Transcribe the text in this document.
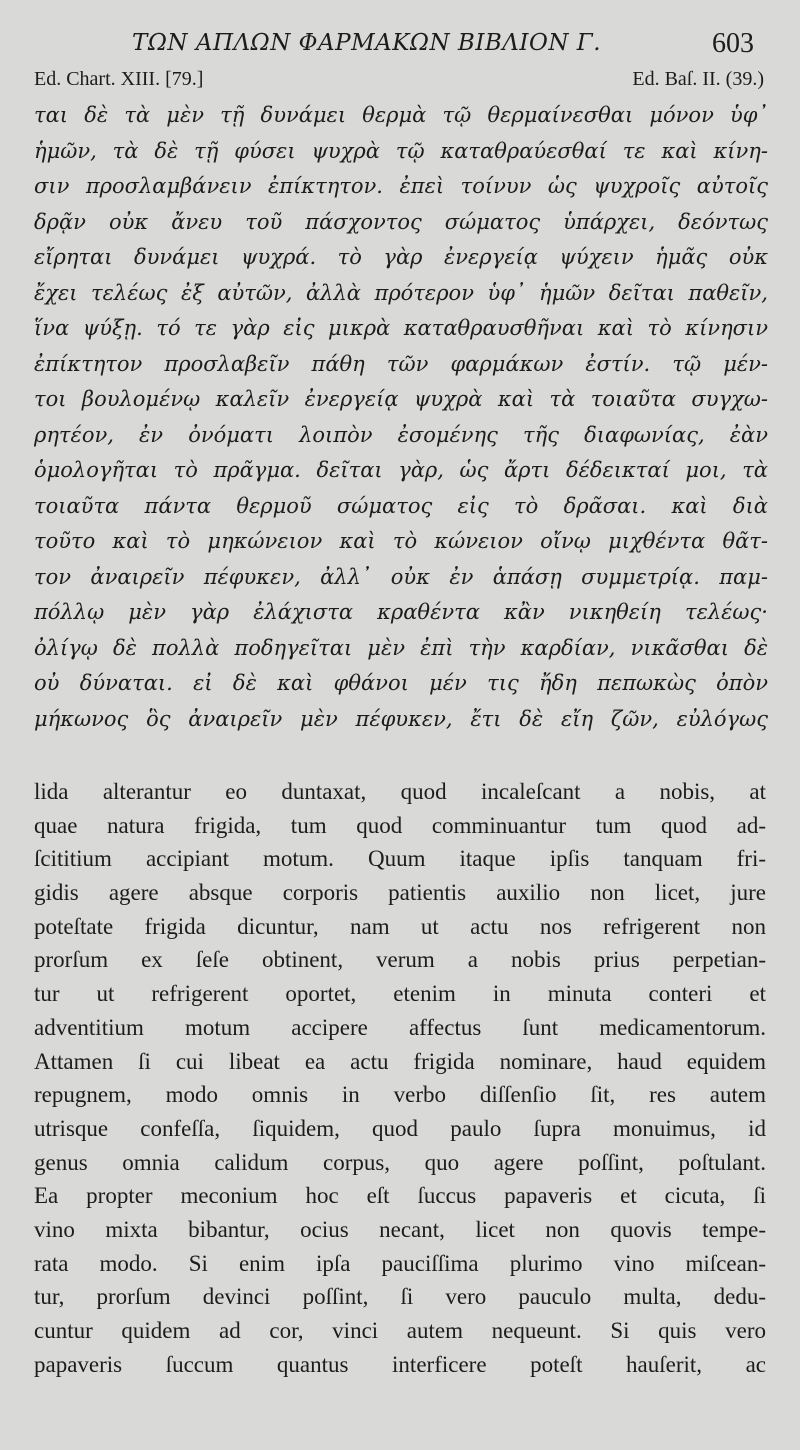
ΤΩΝ ΑΠΛΩΝ ΦΑΡΜΑΚΩΝ ΒΙΒΛΙΟΝ Γ.	603
Ed. Chart. XIII. [79.]	Ed. Baſ. II. (39.)
ται δὲ τὰ μὲν τῇ δυνάμει θερμὰ τῷ θερμαίνεσθαι μόνον ὑφ᾽
ἡμῶν, τὰ δὲ τῇ φύσει ψυχρὰ τῷ καταθραύεσθαί τε καὶ κίνη-
σιν προσλαμβάνειν ἐπίκτητον. ἐπεὶ τοίνυν ὡς ψυχροῖς αὐτοῖς
δρᾷν οὐκ ἄνευ τοῦ πάσχοντος σώματος ὑπάρχει, δεόντως
εἴρηται δυνάμει ψυχρά. τὸ γὰρ ἐνεργείᾳ ψύχειν ἡμᾶς οὐκ
ἔχει τελέως ἐξ αὐτῶν, ἀλλὰ πρότερον ὑφ᾽ ἡμῶν δεῖται παθεῖν,
ἵνα ψύξῃ. τό τε γὰρ εἰς μικρὰ καταθραυσθῆναι καὶ τὸ κίνησιν
ἐπίκτητον προσλαβεῖν πάθη τῶν φαρμάκων ἐστίν. τῷ μέν-
τοι βουλομένῳ καλεῖν ἐνεργείᾳ ψυχρὰ καὶ τὰ τοιαῦτα συγχω-
ρητέον, ἐν ὀνόματι λοιπὸν ἐσομένης τῆς διαφωνίας, ἐὰν
ὁμολογῆται τὸ πρᾶγμα. δεῖται γὰρ, ὡς ἄρτι δέδεικταί μοι, τὰ
τοιαῦτα πάντα θερμοῦ σώματος εἰς τὸ δρᾶσαι. καὶ διὰ
τοῦτο καὶ τὸ μηκώνειον καὶ τὸ κώνειον οἴνῳ μιχθέντα θᾶτ-
τον ἀναιρεῖν πέφυκεν, ἀλλ᾽ οὐκ ἐν ἁπάσῃ συμμετρίᾳ. παμ-
πόλλῳ μὲν γὰρ ἐλάχιστα κραθέντα κἂν νικηθείη τελέως·
ὀλίγῳ δὲ πολλὰ ποδηγεῖται μὲν ἐπὶ τὴν καρδίαν, νικᾶσθαι δὲ
οὐ δύναται. εἰ δὲ καὶ φθάνοι μέν τις ἤδη πεπωκὼς ὀπὸν
μήκωνος ὃς ἀναιρεῖν μὲν πέφυκεν, ἔτι δὲ εἴη ζῶν, εὐλόγως
lida alterantur eo duntaxat, quod incaleſcant a nobis, at
quae natura frigida, tum quod comminuantur tum quod ad-
ſcititium accipiant motum. Quum itaque ipſis tanquam fri-
gidis agere absque corporis patientis auxilio non licet, jure
poteſtate frigida dicuntur, nam ut actu nos refrigerent non
prorſum ex ſeſe obtinent, verum a nobis prius perpetian-
tur ut refrigerent oportet, etenim in minuta conteri et
adventitium motum accipere affectus ſunt medicamentorum.
Attamen ſi cui libeat ea actu frigida nominare, haud equidem
repugnem, modo omnis in verbo diſſenſio ſit, res autem
utrisque confeſſa, ſiquidem, quod paulo ſupra monuimus, id
genus omnia calidum corpus, quo agere poſſint, poſtulant.
Ea propter meconium hoc eſt ſuccus papaveris et cicuta, ſi
vino mixta bibantur, ocius necant, licet non quovis tempe-
rata modo. Si enim ipſa pauciſſima plurimo vino miſcean-
tur, prorſum devinci poſſint, ſi vero pauculo multa, dedu-
cuntur quidem ad cor, vinci autem nequeunt. Si quis vero
papaveris ſuccum quantus interficere poteſt hauſerit, ac
